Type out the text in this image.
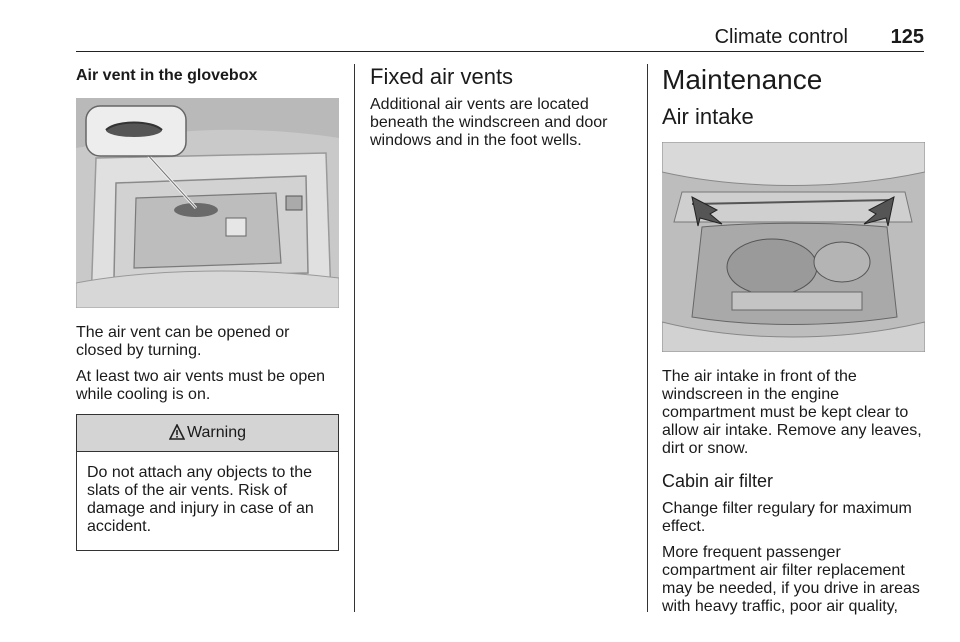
Climate control 125
Air vent in the glovebox

The air vent can be opened or closed by turning.

At least two air vents must be open while cooling is on.

Warning

Do not attach any objects to the slats of the air vents. Risk of damage and injury in case of an accident.

Fixed air vents

Additional air vents are located beneath the windscreen and door windows and in the foot wells.

Maintenance
Air intake

The air intake in front of the windscreen in the engine compartment must be kept clear to allow air intake. Remove any leaves, dirt or snow.

Cabin air filter

Change filter regulary for maximum effect.

More frequent passenger compartment air filter replacement may be needed, if you drive in areas with heavy traffic, poor air quality,
